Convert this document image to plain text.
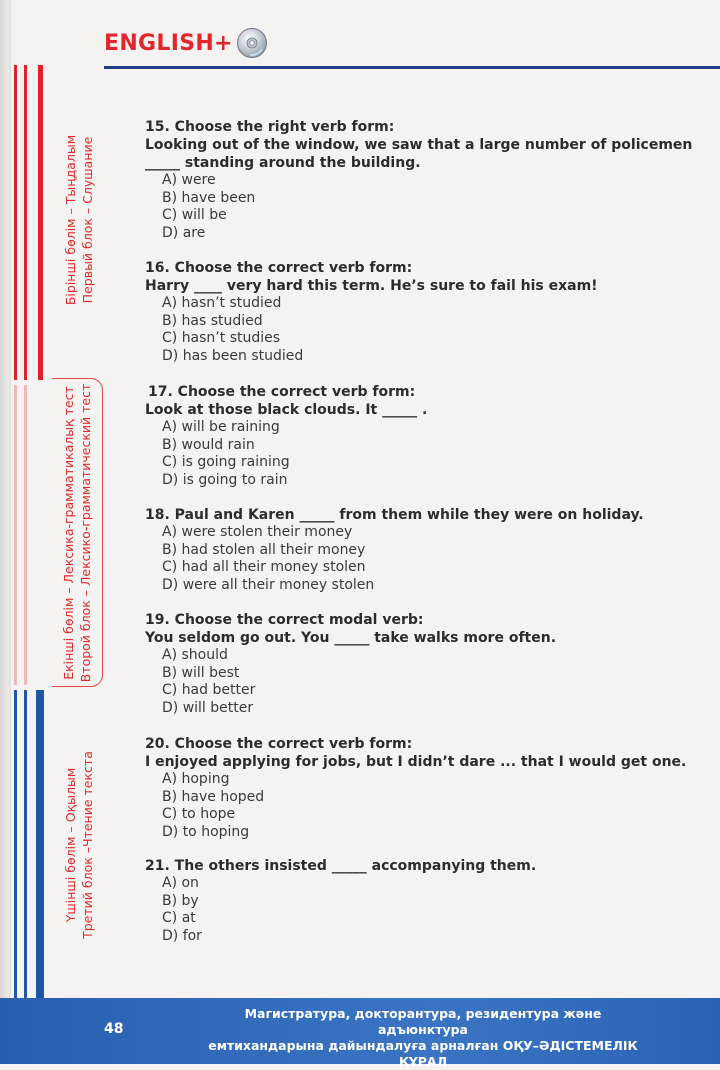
Бірінші бөлім – Тыңдалым Первый блок – Слушание
Екінші бөлім – Лексика-грамматикалық тест Второй блок – Лексико-грамматический тест
Үшінші бөлім – Оқылым Третий блок –Чтение текста
ENGLISH+

15. Choose the right verb form:

Looking out of the window, we saw that a large number of policemen _____ standing around the building.

A) were
B) have been
C) will be
D) are

16. Choose the correct verb form:

Harry ____ very hard this term. He’s sure to fail his exam!

A) hasn’t studied
B) has studied
C) hasn’t studies
D) has been studied

17. Choose the correct verb form:

Look at those black clouds. It _____ .

A) will be raining
B) would rain
C) is going raining
D) is going to rain

18. Paul and Karen _____ from them while they were on holiday.

A) were stolen their money
B) had stolen all their money
C) had all their money stolen
D) were all their money stolen

19. Choose the correct modal verb:

You seldom go out. You _____ take walks more often.

A) should
B) will best
C) had better
D) will better

20. Choose the correct verb form:

I enjoyed applying for jobs, but I didn’t dare ... that I would get one.

A) hoping
B) have hoped
C) to hope
D) to hoping

21. The others insisted _____ accompanying them.

A) on
B) by
C) at
D) for
48
Магистратура, докторантура, резидентура және адъюнктура
емтихандарына дайындалуға арналған ОҚУ–ӘДІСТЕМЕЛІК ҚҰРАЛ
